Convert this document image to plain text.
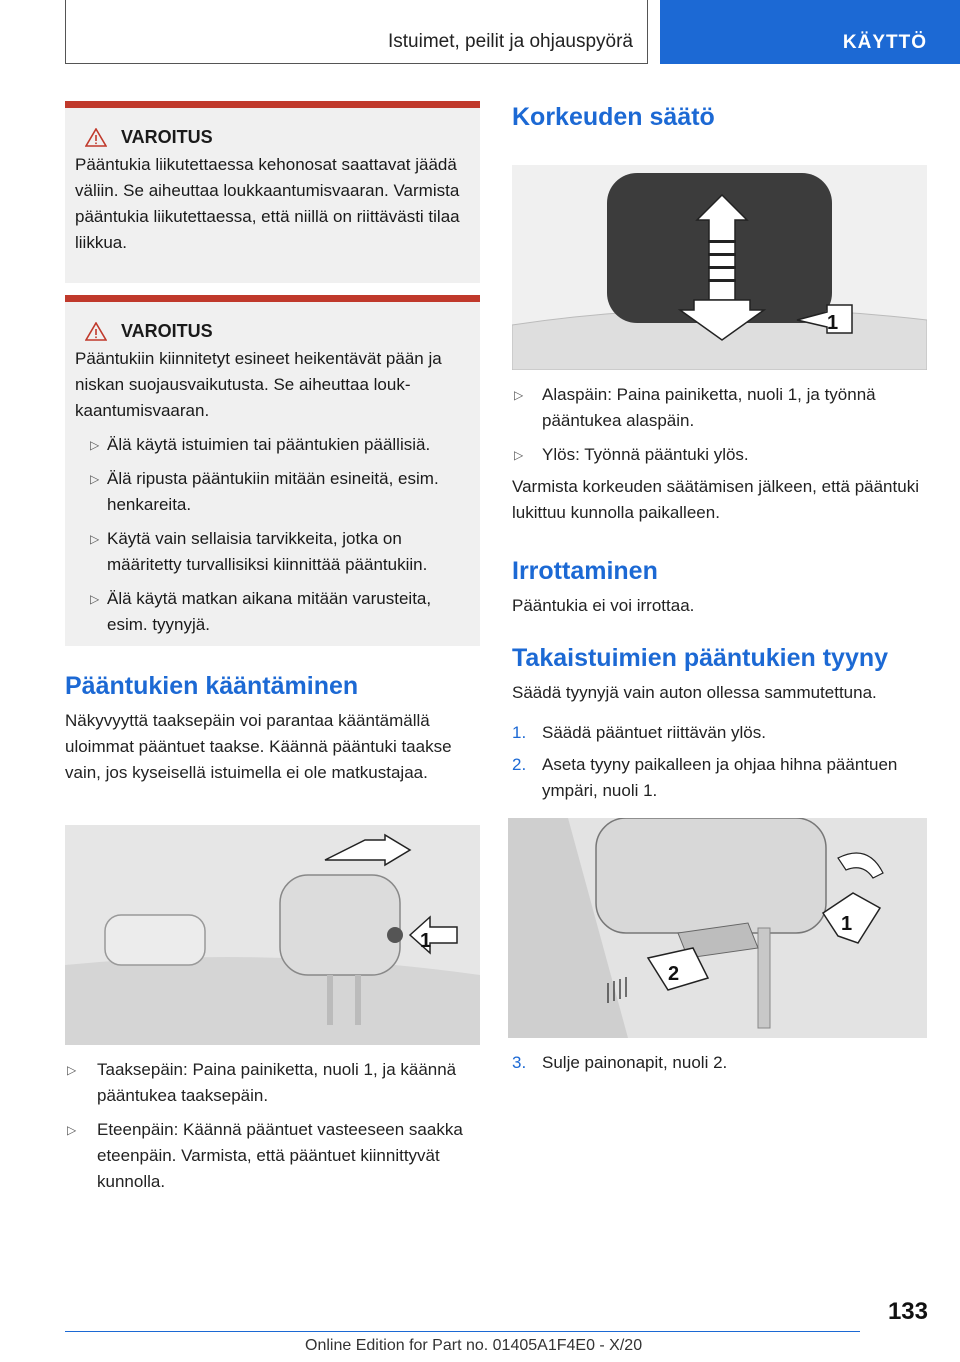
Istuimet, peilit ja ohjauspyörä	KÄYTTÖ
VAROITUS
Pääntukia liikutettaessa kehonosat saattavat jäädä väliin. Se aiheuttaa loukkaantumisvaaran. Varmista pääntukia liikutettaessa, että niillä on riittävästi tilaa liikkua.
VAROITUS
Pääntukiin kiinnitetyt esineet heikentävät pään ja niskan suojausvaikutusta. Se aiheuttaa loukkaantumisvaaran.
▷ Älä käytä istuimien tai pääntukien päällisiä.
▷ Älä ripusta pääntukiin mitään esineitä, esim. henkareita.
▷ Käytä vain sellaisia tarvikkeita, jotka on määritetty turvallisiksi kiinnittää pääntukiin.
▷ Älä käytä matkan aikana mitään varusteita, esim. tyynyjä.
Pääntukien kääntäminen
Näkyvyyttä taaksepäin voi parantaa kääntämällä uloimmat pääntuet taakse. Käännä pääntuki taakse vain, jos kyseisellä istuimella ei ole matkustajaa.
1
▷ Taaksepäin: Paina painiketta, nuoli 1, ja käännä pääntukea taaksepäin.
▷ Eteenpäin: Käännä pääntuet vasteeseen saakka eteenpäin. Varmista, että pääntuet kiinnittyvät kunnolla.
Korkeuden säätö
1
▷ Alaspäin: Paina painiketta, nuoli 1, ja työnnä pääntukea alaspäin.
▷ Ylös: Työnnä pääntuki ylös.
Varmista korkeuden säätämisen jälkeen, että pääntuki lukittuu kunnolla paikalleen.
Irrottaminen
Pääntukia ei voi irrottaa.
Takaistuimien pääntukien tyyny
Säädä tyynyjä vain auton ollessa sammutettuna.
1. Säädä pääntuet riittävän ylös.
2. Aseta tyyny paikalleen ja ohjaa hihna pääntuen ympäri, nuoli 1.
1
2
3. Sulje painonapit, nuoli 2.
133
Online Edition for Part no. 01405A1F4E0 - X/20
